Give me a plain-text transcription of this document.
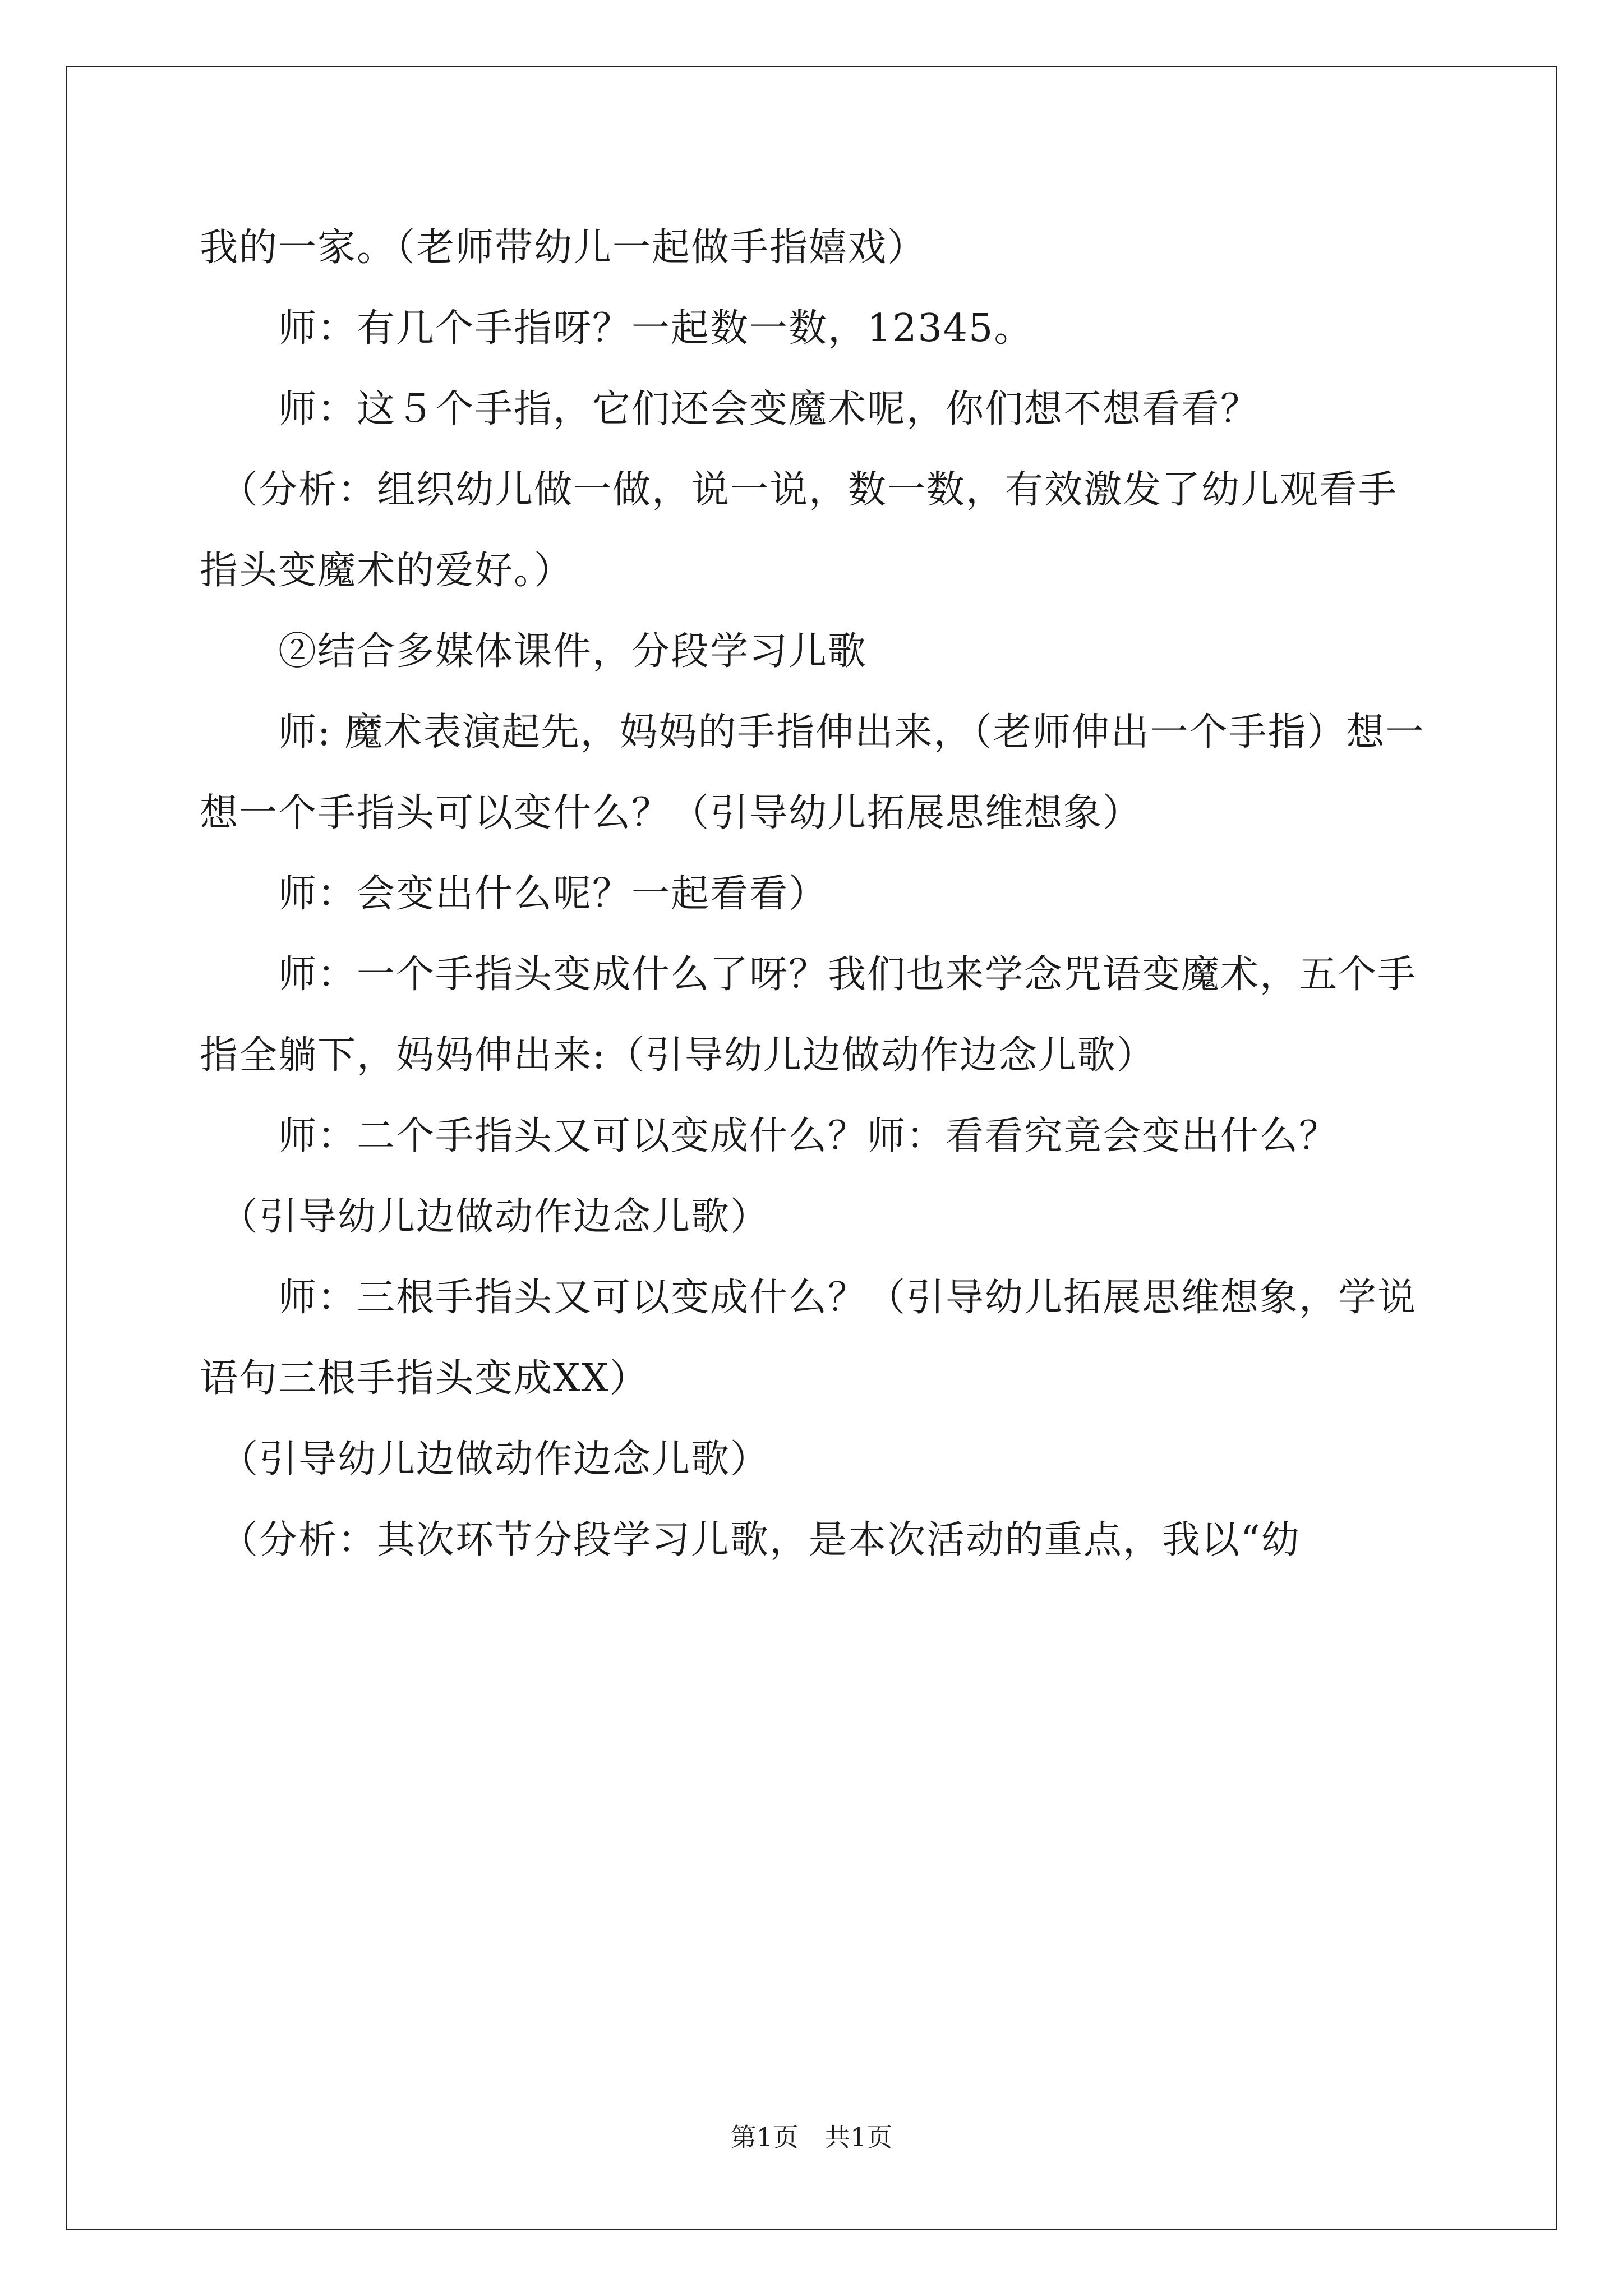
我的一家。（老师带幼儿一起做手指嬉戏）

　　师：有几个手指呀？一起数一数，12345。

　　师：这５个手指，它们还会变魔术呢，你们想不想看看？

　（分析：组织幼儿做一做，说一说，数一数，有效激发了幼儿观看手指头变魔术的爱好。）

　　②结合多媒体课件，分段学习儿歌

　　师: 魔术表演起先，妈妈的手指伸出来，（老师伸出一个手指）想一想一个手指头可以变什么？（引导幼儿拓展思维想象）

　　师：会变出什么呢？一起看看）

　　师：一个手指头变成什么了呀？我们也来学念咒语变魔术，五个手指全躺下，妈妈伸出来:（引导幼儿边做动作边念儿歌）

　　师：二个手指头又可以变成什么？师：看看究竟会变出什么？

　（引导幼儿边做动作边念儿歌）

　　师：三根手指头又可以变成什么？（引导幼儿拓展思维想象，学说语句三根手指头变成XX）

　（引导幼儿边做动作边念儿歌）

　（分析：其次环节分段学习儿歌，是本次活动的重点，我以“幼

第1页　共1页
